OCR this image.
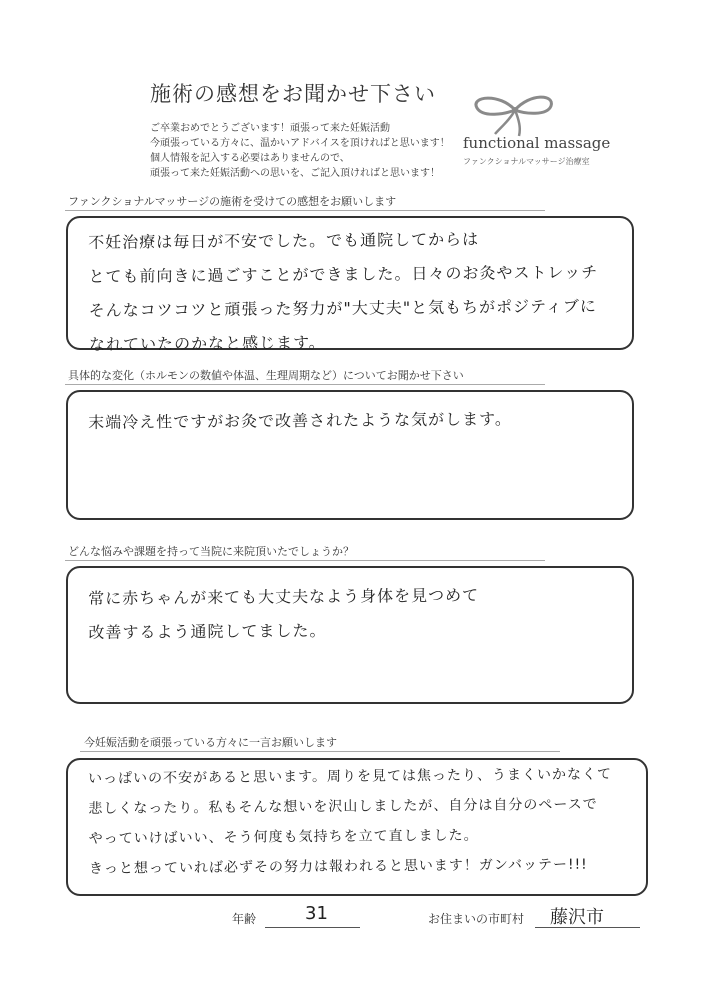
施術の感想をお聞かせ下さい
ご卒業おめでとうございます！頑張って来た妊娠活動
今頑張っている方々に、温かいアドバイスを頂ければと思います！
個人情報を記入する必要はありませんので、
頑張って来た妊娠活動への思いを、ご記入頂ければと思います！
functional massage
ファンクショナルマッサージ治療室
ファンクショナルマッサージの施術を受けての感想をお願いします
不妊治療は毎日が不安でした。でも通院してからは
とても前向きに過ごすことができました。日々のお灸やストレッチ
そんなコツコツと頑張った努力が"大丈夫"と気もちがポジティブに
なれていたのかなと感じます。
具体的な変化（ホルモンの数値や体温、生理周期など）についてお聞かせ下さい
末端冷え性ですがお灸で改善されたような気がします。
どんな悩みや課題を持って当院に来院頂いたでしょうか？
常に赤ちゃんが来ても大丈夫なよう身体を見つめて
改善するよう通院してました。
今妊娠活動を頑張っている方々に一言お願いします
いっぱいの不安があると思います。周りを見ては焦ったり、うまくいかなくて
悲しくなったり。私もそんな想いを沢山しましたが、自分は自分のペースで
やっていけばいい、そう何度も気持ちを立て直しました。
きっと想っていれば必ずその努力は報われると思います！ガンバッテー!!!
年齢	31	お住まいの市町村 藤沢市
